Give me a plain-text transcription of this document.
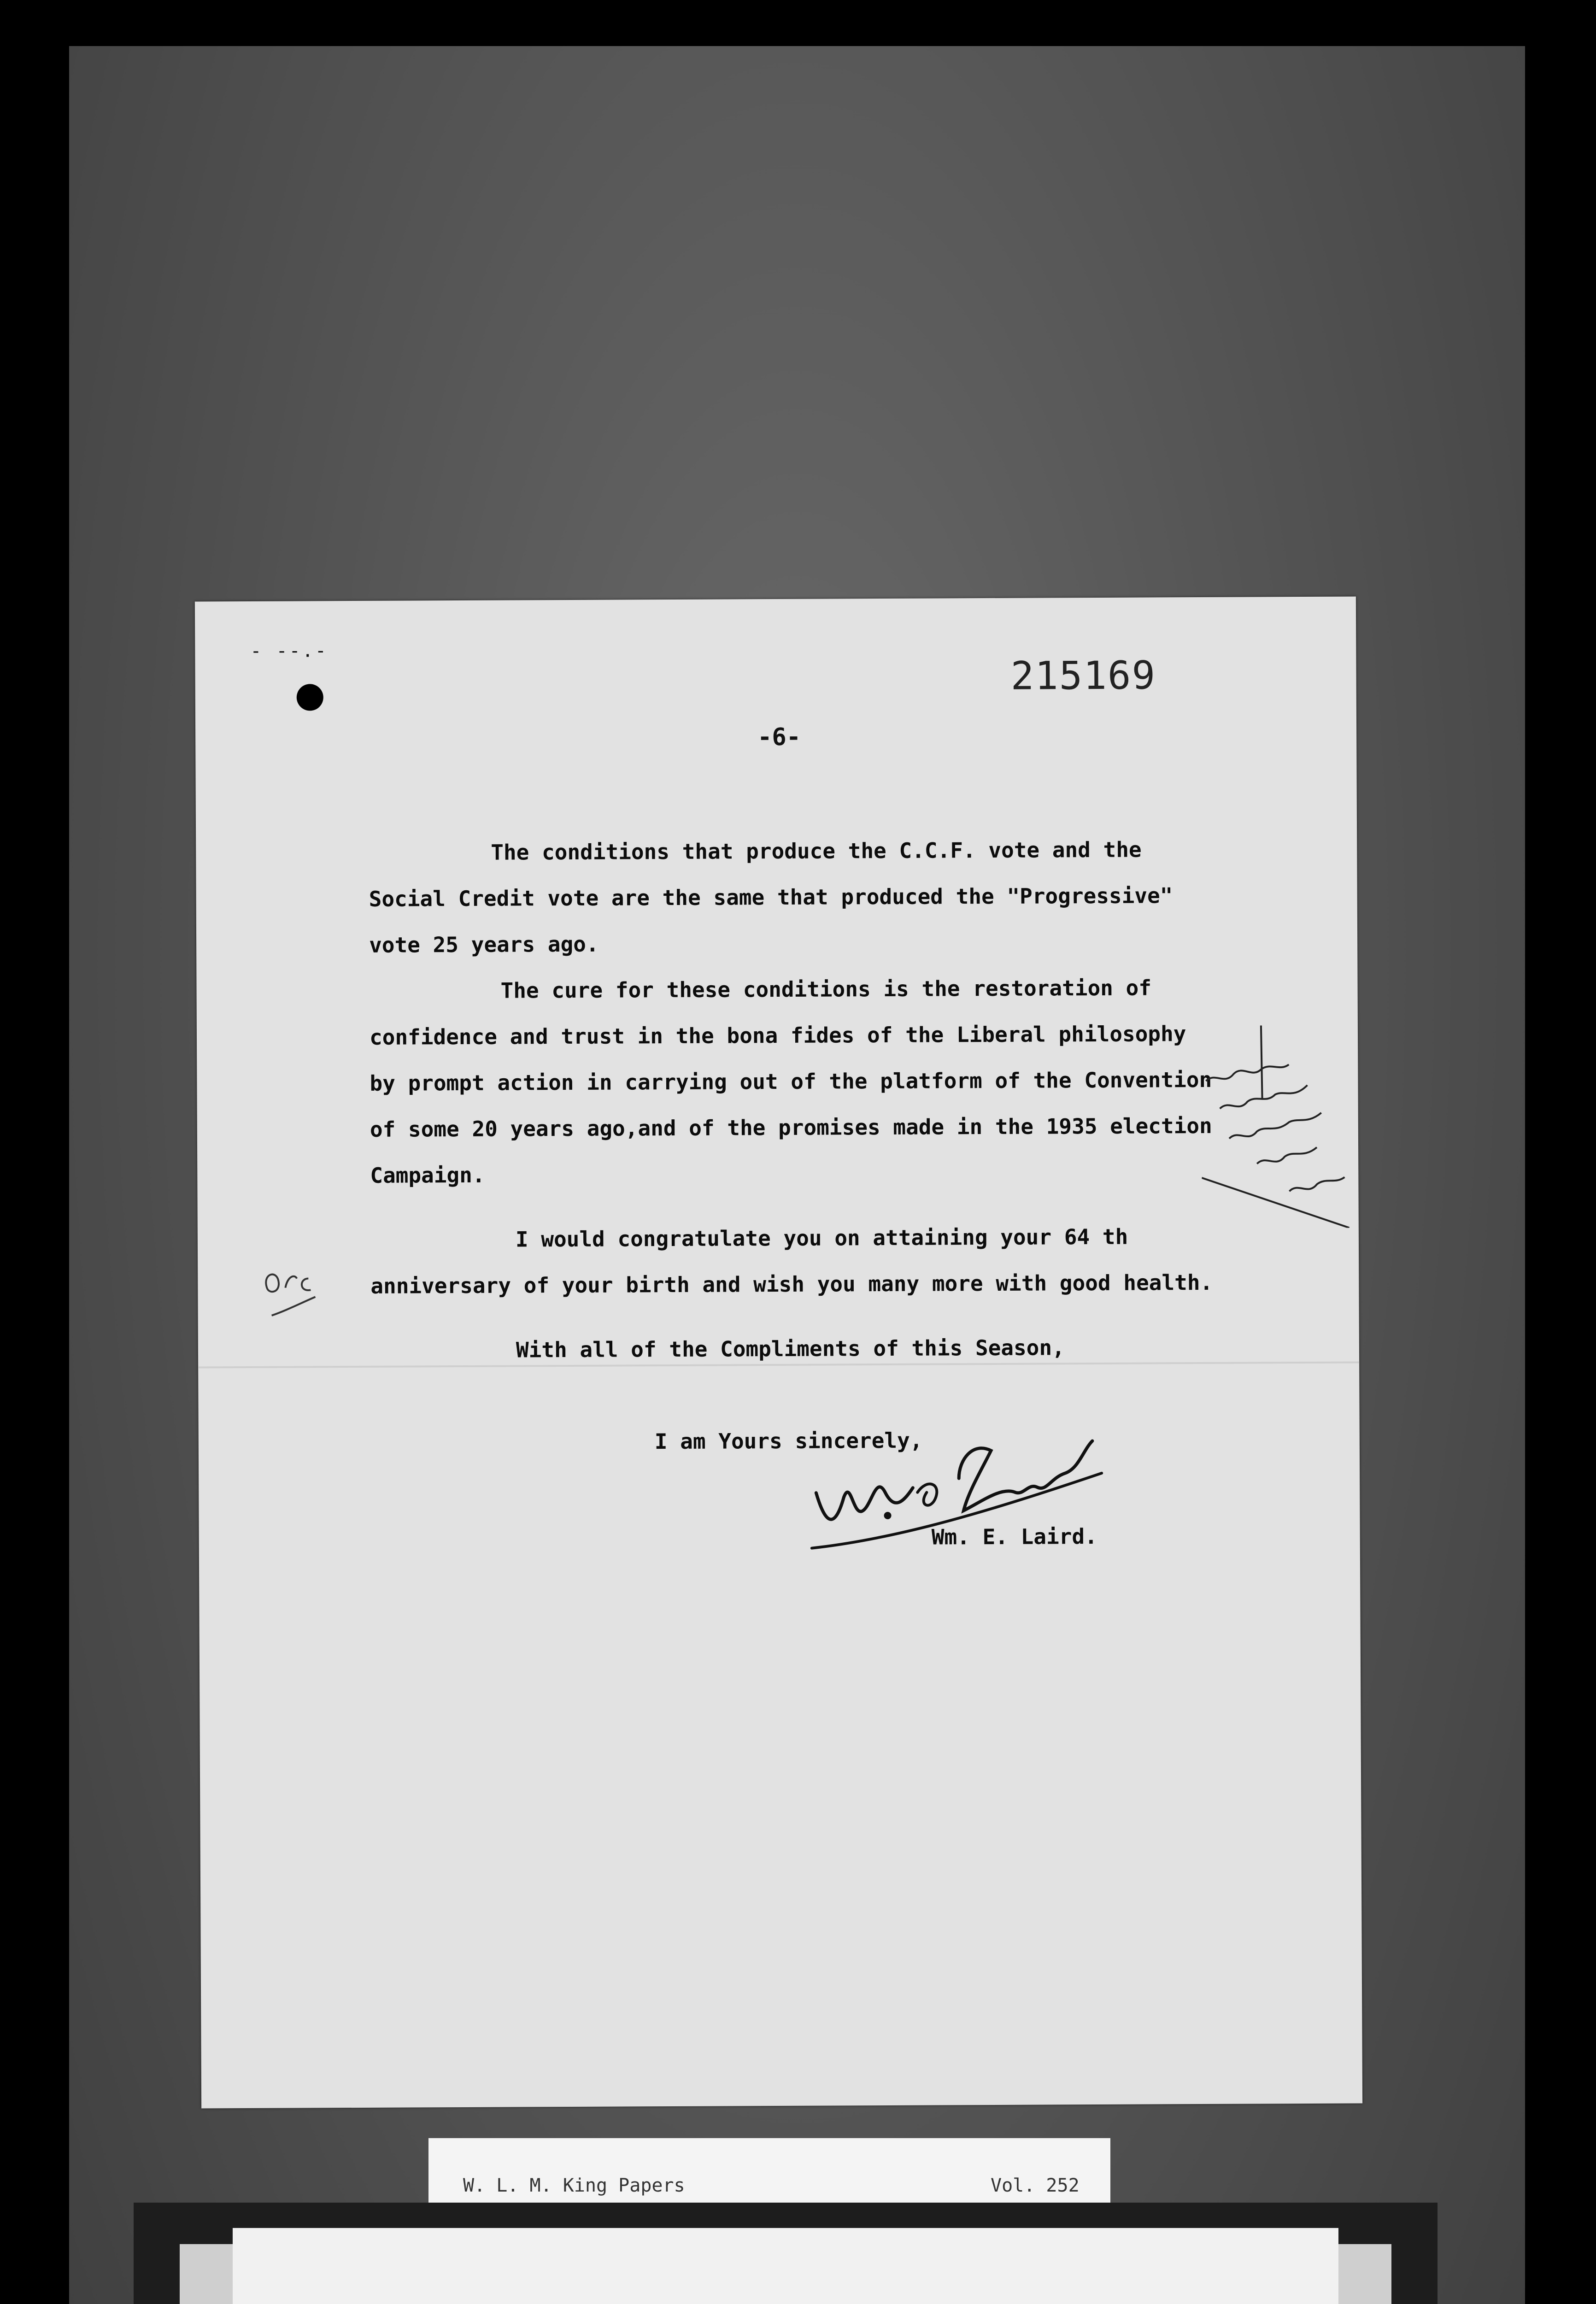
- --.-
215169
-6-
The conditions that produce the C.C.F. vote and the
Social Credit vote are the same that produced the "Progressive"
vote 25 years ago.
The cure for these conditions is the restoration of
confidence and trust in the bona fides of the Liberal philosophy
by prompt action in carrying out of the platform of the Convention
of some 20 years ago,and of the promises made in the 1935 election
Campaign.
I would congratulate you on attaining your 64 th
anniversary of your birth and wish you many more with good health.
With all of the Compliments of this Season,
I am Yours sincerely,
Wm. E. Laird.
W. L. M. King Papers	Vol. 252
